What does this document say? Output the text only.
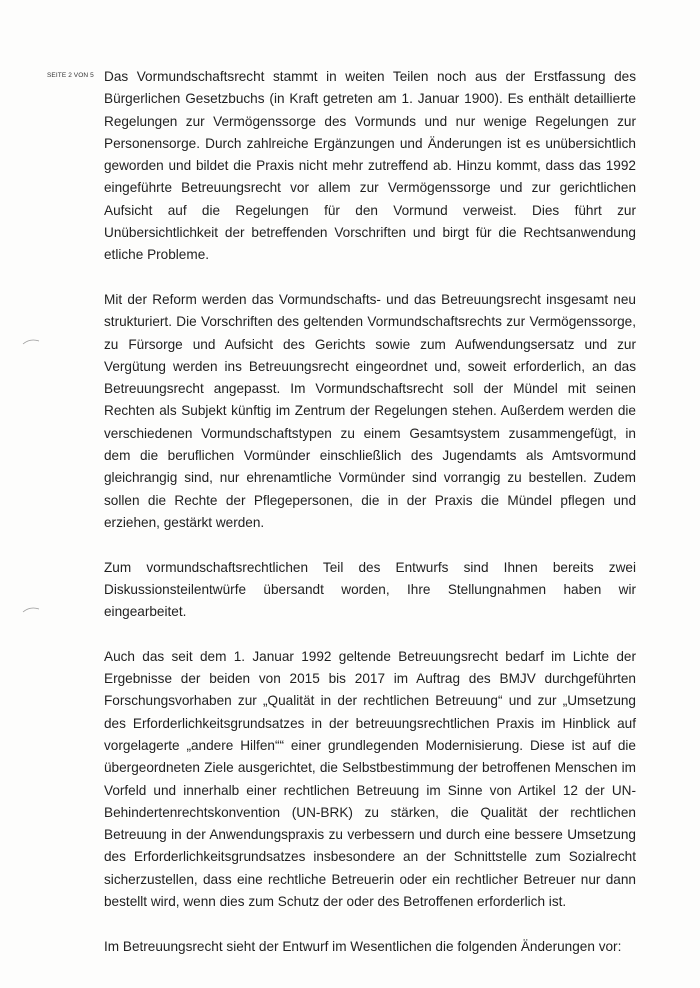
SEITE 2 VON 5 Das Vormundschaftsrecht stammt in weiten Teilen noch aus der Erstfassung des Bürgerlichen Gesetzbuchs (in Kraft getreten am 1. Januar 1900). Es enthält detaillierte Regelungen zur Vermögenssorge des Vormunds und nur wenige Regelungen zur Personensorge. Durch zahlreiche Ergänzungen und Änderungen ist es unübersichtlich geworden und bildet die Praxis nicht mehr zutreffend ab. Hinzu kommt, dass das 1992 eingeführte Betreuungsrecht vor allem zur Vermögenssorge und zur gerichtlichen Aufsicht auf die Regelungen für den Vormund verweist. Dies führt zur Unübersichtlichkeit der betreffenden Vorschriften und birgt für die Rechtsanwendung etliche Probleme.

Mit der Reform werden das Vormundschafts- und das Betreuungsrecht insgesamt neu strukturiert. Die Vorschriften des geltenden Vormundschaftsrechts zur Vermögenssorge, zu Fürsorge und Aufsicht des Gerichts sowie zum Aufwendungsersatz und zur Vergütung werden ins Betreuungsrecht eingeordnet und, soweit erforderlich, an das Betreuungsrecht angepasst. Im Vormundschaftsrecht soll der Mündel mit seinen Rechten als Subjekt künftig im Zentrum der Regelungen stehen. Außerdem werden die verschiedenen Vormundschaftstypen zu einem Gesamtsystem zusammengefügt, in dem die beruflichen Vormünder einschließlich des Jugendamts als Amtsvormund gleichrangig sind, nur ehrenamtliche Vormünder sind vorrangig zu bestellen. Zudem sollen die Rechte der Pflegepersonen, die in der Praxis die Mündel pflegen und erziehen, gestärkt werden.

Zum vormundschaftsrechtlichen Teil des Entwurfs sind Ihnen bereits zwei Diskussionsteilentwürfe übersandt worden, Ihre Stellungnahmen haben wir eingearbeitet.

Auch das seit dem 1. Januar 1992 geltende Betreuungsrecht bedarf im Lichte der Ergebnisse der beiden von 2015 bis 2017 im Auftrag des BMJV durchgeführten Forschungsvorhaben zur „Qualität in der rechtlichen Betreuung“ und zur „Umsetzung des Erforderlichkeitsgrundsatzes in der betreuungsrechtlichen Praxis im Hinblick auf vorgelagerte „andere Hilfen““ einer grundlegenden Modernisierung. Diese ist auf die übergeordneten Ziele ausgerichtet, die Selbstbestimmung der betroffenen Menschen im Vorfeld und innerhalb einer rechtlichen Betreuung im Sinne von Artikel 12 der UN-Behindertenrechtskonvention (UN-BRK) zu stärken, die Qualität der rechtlichen Betreuung in der Anwendungspraxis zu verbessern und durch eine bessere Umsetzung des Erforderlichkeitsgrundsatzes insbesondere an der Schnittstelle zum Sozialrecht sicherzustellen, dass eine rechtliche Betreuerin oder ein rechtlicher Betreuer nur dann bestellt wird, wenn dies zum Schutz der oder des Betroffenen erforderlich ist.

Im Betreuungsrecht sieht der Entwurf im Wesentlichen die folgenden Änderungen vor:
